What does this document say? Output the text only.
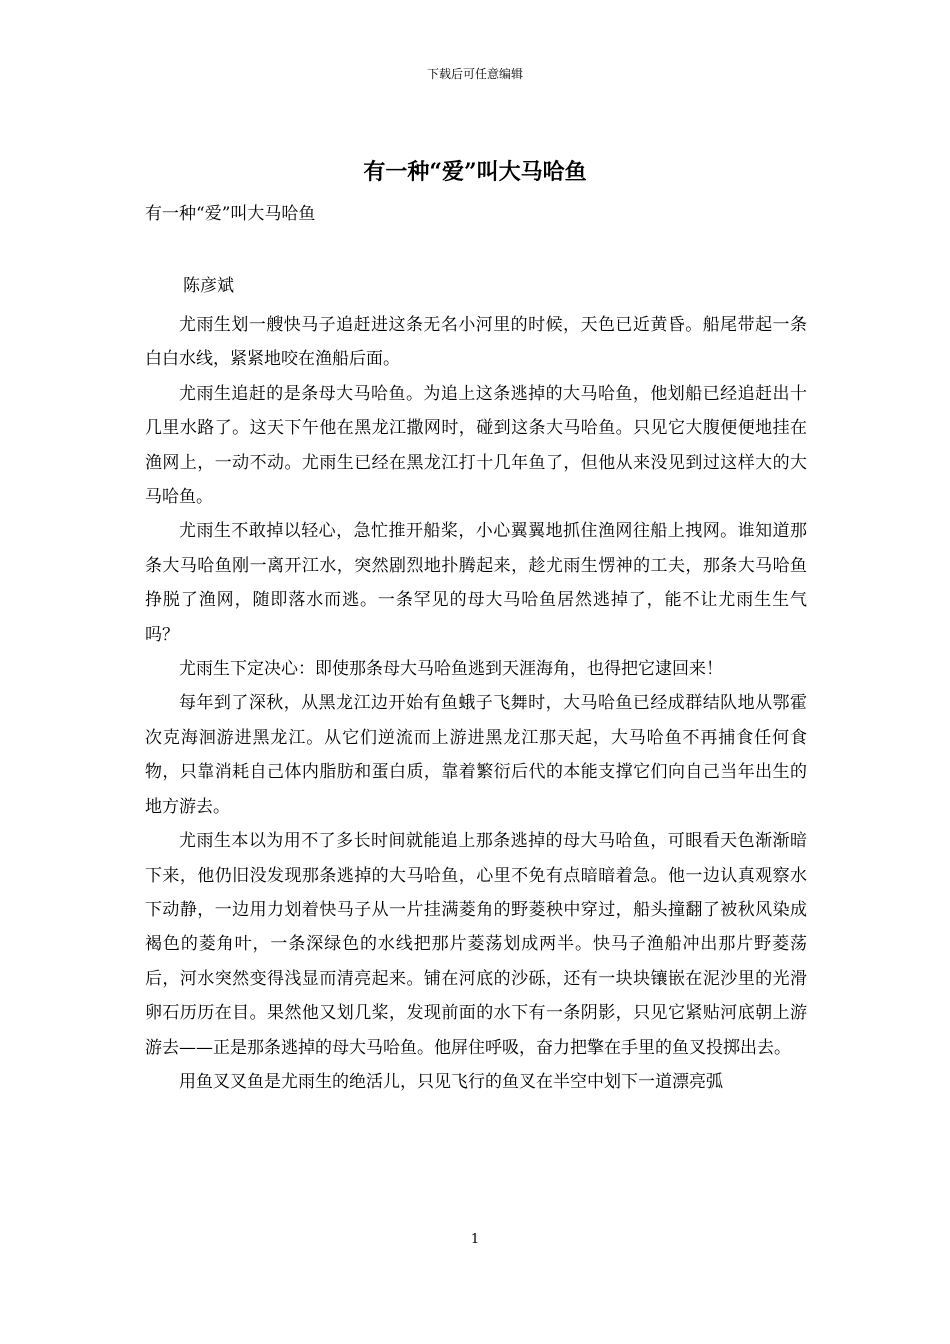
下载后可任意编辑
有一种“爱”叫大马哈鱼
有一种“爱”叫大马哈鱼
陈彦斌

尤雨生划一艘快马子追赶进这条无名小河里的时候，天色已近黄昏。船尾带起一条白白水线，紧紧地咬在渔船后面。

尤雨生追赶的是条母大马哈鱼。为追上这条逃掉的大马哈鱼，他划船已经追赶出十几里水路了。这天下午他在黑龙江撒网时，碰到这条大马哈鱼。只见它大腹便便地挂在渔网上，一动不动。尤雨生已经在黑龙江打十几年鱼了，但他从来没见到过这样大的大马哈鱼。

尤雨生不敢掉以轻心，急忙推开船桨，小心翼翼地抓住渔网往船上拽网。谁知道那条大马哈鱼刚一离开江水，突然剧烈地扑腾起来，趁尤雨生愣神的工夫，那条大马哈鱼挣脱了渔网，随即落水而逃。一条罕见的母大马哈鱼居然逃掉了，能不让尤雨生生气吗？

尤雨生下定决心：即使那条母大马哈鱼逃到天涯海角，也得把它逮回来！

每年到了深秋，从黑龙江边开始有鱼蛾子飞舞时，大马哈鱼已经成群结队地从鄂霍次克海洄游进黑龙江。从它们逆流而上游进黑龙江那天起，大马哈鱼不再捕食任何食物，只靠消耗自己体内脂肪和蛋白质，靠着繁衍后代的本能支撑它们向自己当年出生的地方游去。

尤雨生本以为用不了多长时间就能追上那条逃掉的母大马哈鱼，可眼看天色渐渐暗下来，他仍旧没发现那条逃掉的大马哈鱼，心里不免有点暗暗着急。他一边认真观察水下动静，一边用力划着快马子从一片挂满菱角的野菱秧中穿过，船头撞翻了被秋风染成褐色的菱角叶，一条深绿色的水线把那片菱荡划成两半。快马子渔船冲出那片野菱荡后，河水突然变得浅显而清亮起来。铺在河底的沙砾，还有一块块镶嵌在泥沙里的光滑卵石历历在目。果然他又划几桨，发现前面的水下有一条阴影，只见它紧贴河底朝上游游去——正是那条逃掉的母大马哈鱼。他屏住呼吸，奋力把擎在手里的鱼叉投掷出去。

用鱼叉叉鱼是尤雨生的绝活儿，只见飞行的鱼叉在半空中划下一道漂亮弧

1
